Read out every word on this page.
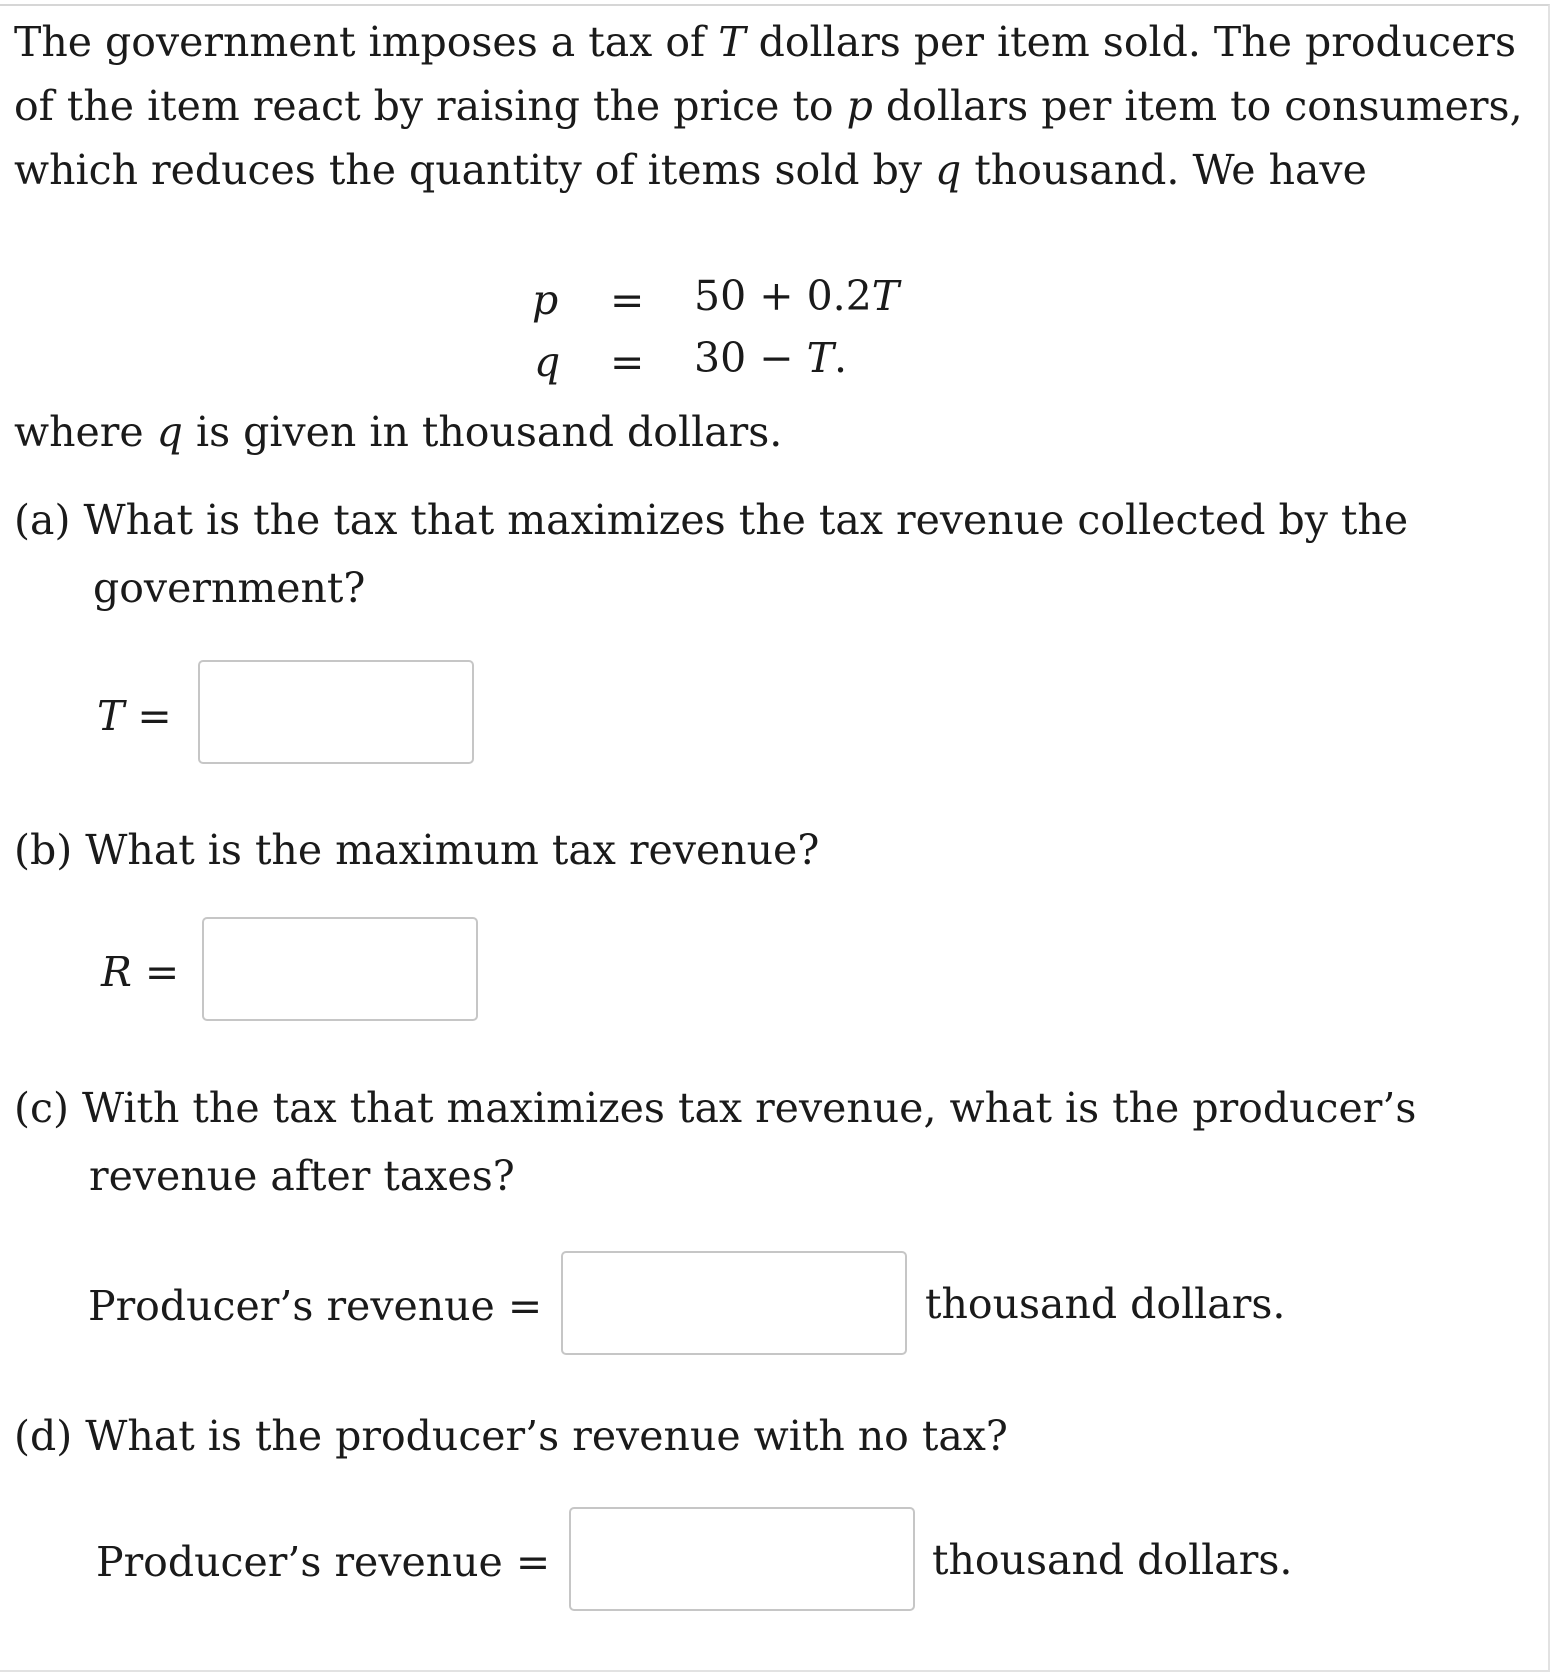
The government imposes a tax of T dollars per item sold. The producers of the item react by raising the price to p dollars per item to consumers, which reduces the quantity of items sold by q thousand. We have
p = 50 + 0.2T
q = 30 − T.
where q is given in thousand dollars.
(a) What is the tax that maximizes the tax revenue collected by the
government?
T =
(b) What is the maximum tax revenue?
R =
(c) With the tax that maximizes tax revenue, what is the producer’s
revenue after taxes?
Producer’s revenue =	thousand dollars.
(d) What is the producer’s revenue with no tax?
Producer’s revenue =	thousand dollars.
